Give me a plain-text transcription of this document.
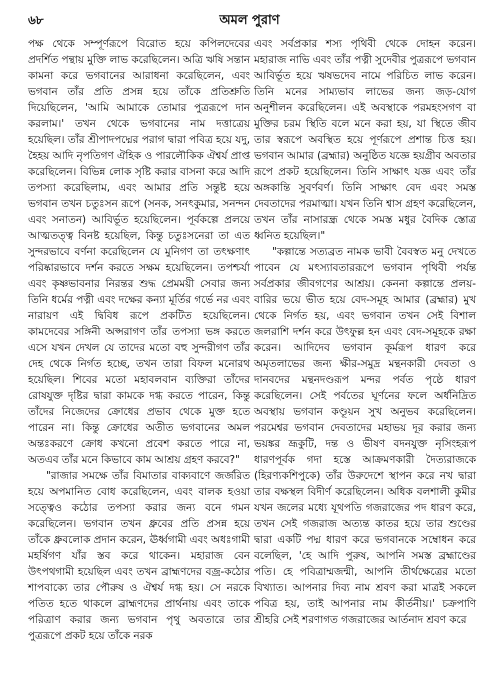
৬৮	অমল পুরাণ

পক্ষ থেকে সম্পূর্ণরূপে বিরোত হয়ে কপিলদেবের প্রদর্শিত পন্থায় মুক্তি লাভ করেছিলেন। অত্রি ঋষি সন্তান কামনা করে ভগবানের আরাধনা করেছিলেন, এবং ভগবান তাঁর প্রতি প্রসন্ন হয়ে তাঁকে প্রতিশ্রুতি দিয়েছিলেন, 'আমি আমাকে তোমার পুত্ররূপে দান করলাম।' তখন থেকে ভগবানের নাম দত্তাত্রেয় হয়েছিল। তাঁর শ্রীপাদপদ্মের পরাগ দ্বারা পবিত্র হয়ে যদু, হৈহয় আদি নৃপতিগণ ঐহিক ও পারলৌকিক ঐশ্বর্য প্রাপ্ত করেছিলেন। বিভিন্ন লোক সৃষ্টি করার বাসনা করে আদি তপস্যা করেছিলাম, এবং আমার প্রতি সন্তুষ্ট হয়ে ভগবান তখন চতুঃসন রূপে (সনক, সনৎকুমার, সনন্দন এবং সনাতন) আবির্ভূত হয়েছিলেন। পূর্বকল্পে প্রলয়ে আত্মতত্ত্ব বিনষ্ট হয়েছিল, কিন্তু চতুঃসনেরা তা এত সুন্দরভাবে বর্ণনা করেছিলেন যে মুনিগণ তা তৎক্ষণাৎ পরিষ্কারভাবে দর্শন করতে সক্ষম হয়েছিলেন। তপশ্চর্যা এবং কৃষ্ণভাবনার নিরন্তর শুদ্ধ প্রেমময়ী সেবার জন্য তিনি ধর্মের পত্নী এবং দক্ষের কন্যা মূর্তির গর্ভে নর এবং নারায়ণ এই দ্বিবিধ রূপে প্রকটিত হয়েছিলেন। কামদেবের সঙ্গিনী অপ্সরাগণ তাঁর তপস্যা ভঙ্গ করতে এসে যখন দেখল যে তাদের মতো বহু সুন্দরীগণ তাঁর দেহ থেকে নির্গত হচ্ছে, তখন তারা বিফল মনোরথ হয়েছিল। শিবের মতো মহাবলবান ব্যক্তিরা তাঁদের রোষযুক্ত দৃষ্টির দ্বারা কামকে দগ্ধ করতে পারেন, কিন্তু তাঁদের নিজেদের ক্রোধের প্রভাব থেকে মুক্ত হতে পারেন না। কিন্তু ক্রোধের অতীত ভগবানের অমল অন্তঃকরণে ক্রোধ কখনো প্রবেশ করতে পারে না, অতএব তাঁর মনে কিভাবে কাম আশ্রয় গ্রহণ করবে?"

"রাজার সমক্ষে তাঁর বিমাতার বাক্যবাণে জর্জরিত হয়ে অপমানিত বোধ করেছিলেন, এবং বালক হওয়া সত্ত্বেও কঠোর তপস্যা করার জন্য বনে গমন করেছিলেন। ভগবান তখন ধ্রুবের প্রতি প্রসন্ন হয়ে তাঁকে ধ্রুবলোক প্রদান করেন, ঊর্ধ্বগামী এবং অধঃগামী মহর্ষিগণ যাঁর স্তব করে থাকেন। মহারাজ বেন উৎপথগামী হয়েছিল এবং তখন ব্রাহ্মণদের বজ্র-কঠোর শাপবাক্যে তার পৌরুষ ও ঐশ্বর্য দগ্ধ হয়। সে নরকে পতিত হতে থাকলে ব্রাহ্মণদের প্রার্থনায় এবং তাকে পরিত্রাণ করার জন্য ভগবান পৃথু অবতারে তার পুত্ররূপে প্রকট হয়ে তাঁকে নরক

এবং সর্বপ্রকার শস্য পৃথিবী থেকে দোহন করেন। মহারাজ নাভি এবং তাঁর পত্নী সুদেবীর পুত্ররূপে ভগবান আবির্ভূত হয়ে ঋষভদেব নামে পরিচিত লাভ করেন। তিনি মনের সাম্যভাব লাভের জন্য জড়-যোগ অনুশীলন করেছিলেন। এই অবস্থাকে পরমহংসগণ বা মুক্তির চরম স্থিতি বলে মনে করা হয়, যা স্থিতে জীব তার স্বরূপে অবস্থিত হয়ে পূর্ণরূপে প্রশান্ত চিত্ত হয়। ভগবান আমার (ব্রহ্মার) অনুষ্ঠিত যজ্ঞে হয়গ্রীব অবতার রূপে প্রকট হয়েছিলেন। তিনি সাক্ষাৎ যজ্ঞ এবং তাঁর অঙ্গকান্তি সুবর্ণবর্ণ। তিনি সাক্ষাৎ বেদ এবং সমস্ত দেবতাদের পরমাত্মা। যখন তিনি শ্বাস গ্রহণ করেছিলেন, তখন তাঁর নাসারন্ধ্র থেকে সমস্ত মধুর বৈদিক স্তোত্র ধ্বনিত হয়েছিল।"

"কল্পান্তে সত্যব্রত নামক ভাবী বৈবস্বত মনু দেখতে পাবেন যে মৎস্যাবতাররূপে ভগবান পৃথিবী পর্যন্ত সর্বপ্রকার জীবগণের আশ্রয়। কেননা কল্পান্তে প্রলয়-বারির ভয়ে ভীত হয়ে বেদ-সমূহ আমার (ব্রহ্মার) মুখ থেকে নির্গত হয়, এবং ভগবান তখন সেই বিশাল জলরাশি দর্শন করে উৎফুল্ল হন এবং বেদ-সমূহকে রক্ষা করেন। আদিদেব ভগবান কূর্মরূপ ধারণ করে অমৃতলাভের জন্য ক্ষীর-সমুদ্র মন্থনকারী দেবতা ও দানবদের মন্থনদণ্ডরূপ মন্দর পর্বত পৃষ্ঠে ধারণ করেছিলেন। সেই পর্বতের ঘূর্ণনের ফলে অর্ধনিদ্রিত অবস্থায় ভগবান কণ্ডূয়ন সুখ অনুভব করেছিলেন। পরমেশ্বর ভগবান দেবতাদের মহাভয় দূর করার জন্য ভয়ঙ্কর ভ্রূকুটি, দন্ত ও ভীষণ বদনযুক্ত নৃসিংহরূপ ধারণপূর্বক গদা হস্তে আক্রমণকারী দৈত্যরাজকে (হিরণ্যকশিপুকে) তাঁর উরুদেশে স্থাপন করে নখ দ্বারা তার বক্ষস্থল বিদীর্ণ করেছিলেন। অধিক বলশালী কুমীর যখন জলের মধ্যে যূথপতি গজরাজের পদ ধারণ করে, তখন সেই গজরাজ অত্যন্ত কাতর হয়ে তার শুণ্ডের দ্বারা একটি পদ্ম ধারণ করে ভগবানকে সম্বোধন করে বলেছিল, 'হে আদি পুরুষ, আপনি সমস্ত ব্রহ্মাণ্ডের পতি। হে পবিত্রাম্মজন্মী, আপনি তীর্থক্ষেত্রের মতো বিখ্যাত। আপনার দিব্য নাম শ্রবণ করা মাত্রই সকলে পবিত্র হয়, তাই আপনার নাম কীর্তনীয়।' চক্রপাণি শ্রীহরি সেই শরণাগত গজরাজের আর্তনাদ শ্রবণ করে
